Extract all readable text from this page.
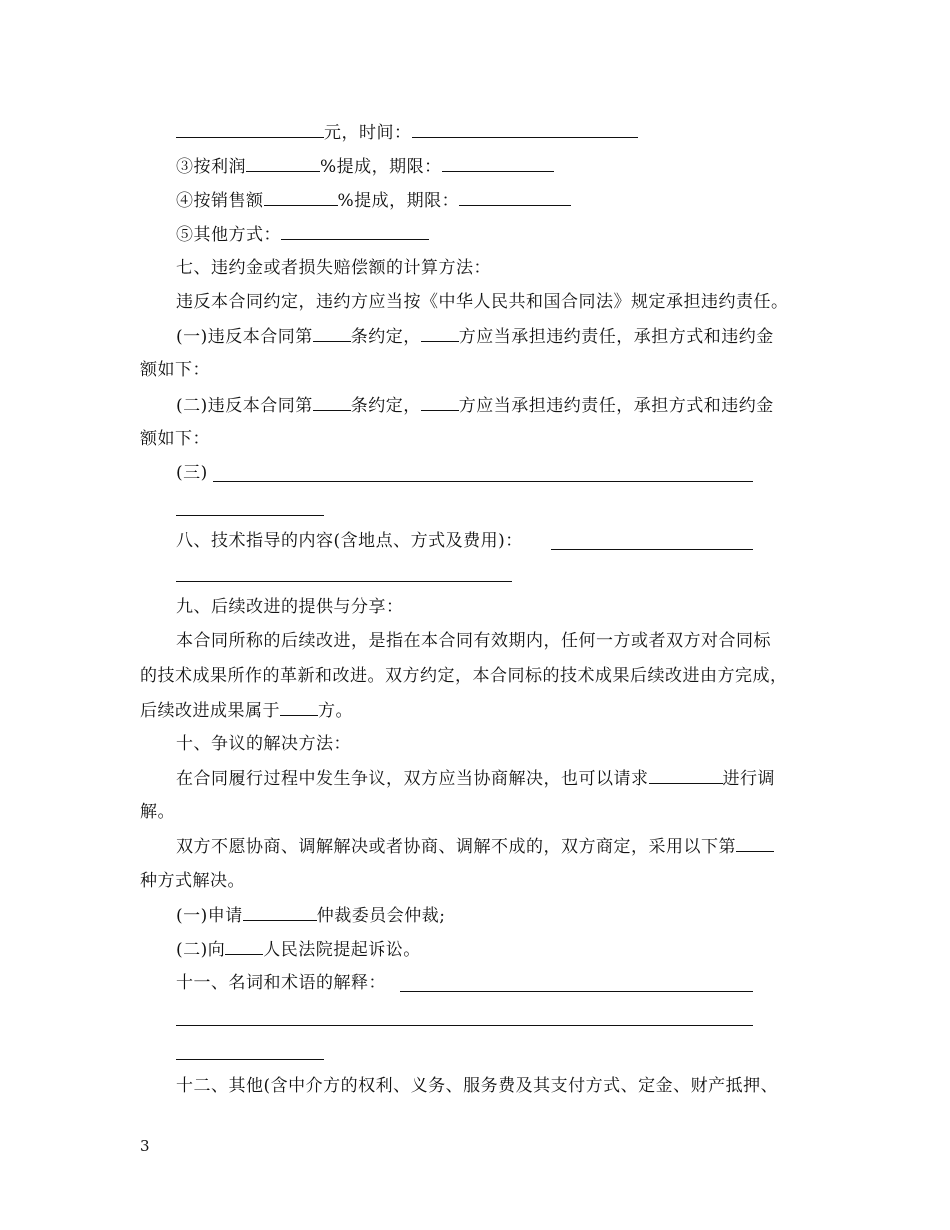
元，时间：
③按利润	%提成，期限：
④按销售额	%提成，期限：
⑤其他方式：
七、违约金或者损失赔偿额的计算方法：
违反本合同约定，违约方应当按《中华人民共和国合同法》规定承担违约责任。
(一)违反本合同第 条约定， 方应当承担违约责任，承担方式和违约金
额如下：
(二)违反本合同第 条约定， 方应当承担违约责任，承担方式和违约金
额如下：
(三)
八、技术指导的内容(含地点、方式及费用)：
九、后续改进的提供与分享：
本合同所称的后续改进，是指在本合同有效期内，任何一方或者双方对合同标
的技术成果所作的革新和改进。双方约定，本合同标的技术成果后续改进由方完成，
后续改进成果属于 方。
十、争议的解决方法：
在合同履行过程中发生争议，双方应当协商解决，也可以请求	进行调
解。
双方不愿协商、调解解决或者协商、调解不成的，双方商定，采用以下第
种方式解决。
(一)申请	仲裁委员会仲裁;
(二)向 人民法院提起诉讼。
十一、名词和术语的解释：
十二、其他(含中介方的权利、义务、服务费及其支付方式、定金、财产抵押、
3
